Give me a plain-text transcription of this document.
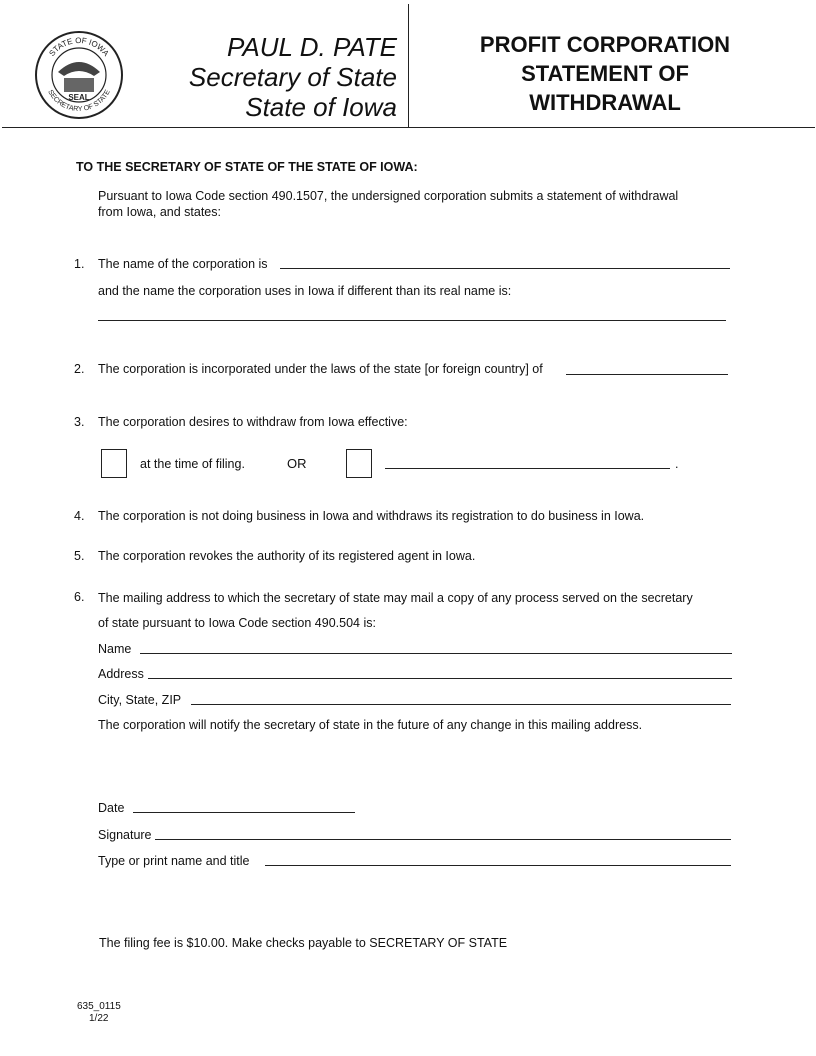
STATE OF IOWA
SECRETARY OF STATE
SEAL
PAUL D. PATE
Secretary of State
State of Iowa
PROFIT CORPORATION
STATEMENT OF
WITHDRAWAL
TO THE SECRETARY OF STATE OF THE STATE OF IOWA:
Pursuant to Iowa Code section 490.1507, the undersigned corporation submits a statement of withdrawal
from Iowa, and states:
1.	The name of the corporation is
and the name the corporation uses in Iowa if different than its real name is:
2.	The corporation is incorporated under the laws of the state [or foreign country] of
3.	The corporation desires to withdraw from Iowa effective:
at the time of filing.	OR	.
4.	The corporation is not doing business in Iowa and withdraws its registration to do business in Iowa.
5.	The corporation revokes the authority of its registered agent in Iowa.
6.	The mailing address to which the secretary of state may mail a copy of any process served on the secretary
of state pursuant to Iowa Code section 490.504 is:
Name
Address
City, State, ZIP
The corporation will notify the secretary of state in the future of any change in this mailing address.
Date
Signature
Type or print name and title
The filing fee is $10.00. Make checks payable to SECRETARY OF STATE
635_0115
1/22
